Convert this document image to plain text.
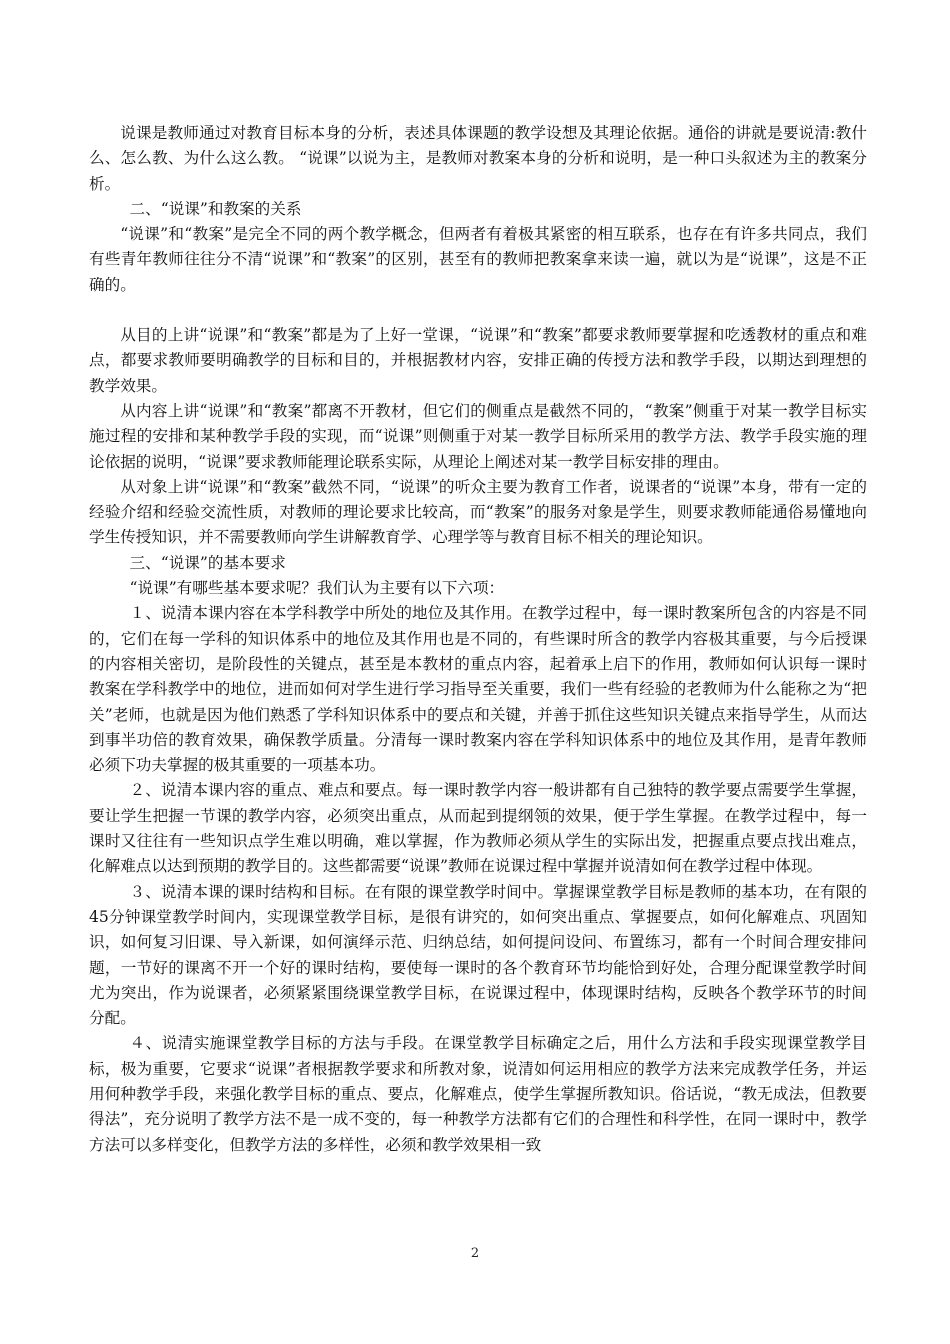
说课是教师通过对教育目标本身的分析，表述具体课题的教学设想及其理论依据。通俗的讲就是要说清:教什么、怎么教、为什么这么教。 “说课”以说为主，是教师对教案本身的分析和说明，是一种口头叙述为主的教案分析。

二、“说课”和教案的关系

“说课”和“教案”是完全不同的两个教学概念，但两者有着极其紧密的相互联系，也存在有许多共同点，我们有些青年教师往往分不清“说课”和“教案”的区别，甚至有的教师把教案拿来读一遍，就以为是“说课”，这是不正确的。

从目的上讲“说课”和“教案”都是为了上好一堂课，“说课”和“教案”都要求教师要掌握和吃透教材的重点和难点，都要求教师要明确教学的目标和目的，并根据教材内容，安排正确的传授方法和教学手段，以期达到理想的教学效果。

从内容上讲“说课”和“教案”都离不开教材，但它们的侧重点是截然不同的，“教案”侧重于对某一教学目标实施过程的安排和某种教学手段的实现，而“说课”则侧重于对某一教学目标所采用的教学方法、教学手段实施的理论依据的说明，“说课”要求教师能理论联系实际，从理论上阐述对某一教学目标安排的理由。

从对象上讲“说课”和“教案”截然不同，“说课”的听众主要为教育工作者，说课者的“说课”本身，带有一定的经验介绍和经验交流性质，对教师的理论要求比较高，而“教案”的服务对象是学生，则要求教师能通俗易懂地向学生传授知识，并不需要教师向学生讲解教育学、心理学等与教育目标不相关的理论知识。

三、“说课”的基本要求

“说课”有哪些基本要求呢？我们认为主要有以下六项：

１、说清本课内容在本学科教学中所处的地位及其作用。在教学过程中，每一课时教案所包含的内容是不同的，它们在每一学科的知识体系中的地位及其作用也是不同的，有些课时所含的教学内容极其重要，与今后授课的内容相关密切，是阶段性的关键点，甚至是本教材的重点内容，起着承上启下的作用，教师如何认识每一课时教案在学科教学中的地位，进而如何对学生进行学习指导至关重要，我们一些有经验的老教师为什么能称之为“把关”老师，也就是因为他们熟悉了学科知识体系中的要点和关键，并善于抓住这些知识关键点来指导学生，从而达到事半功倍的教育效果，确保教学质量。分清每一课时教案内容在学科知识体系中的地位及其作用，是青年教师必须下功夫掌握的极其重要的一项基本功。

２、说清本课内容的重点、难点和要点。每一课时教学内容一般讲都有自己独特的教学要点需要学生掌握，要让学生把握一节课的教学内容，必须突出重点，从而起到提纲领的效果，便于学生掌握。在教学过程中，每一课时又往往有一些知识点学生难以明确，难以掌握，作为教师必须从学生的实际出发，把握重点要点找出难点，化解难点以达到预期的教学目的。这些都需要“说课”教师在说课过程中掌握并说清如何在教学过程中体现。

３、说清本课的课时结构和目标。在有限的课堂教学时间中。掌握课堂教学目标是教师的基本功，在有限的45分钟课堂教学时间内，实现课堂教学目标，是很有讲究的，如何突出重点、掌握要点，如何化解难点、巩固知识，如何复习旧课、导入新课，如何演绎示范、归纳总结，如何提问设问、布置练习，都有一个时间合理安排问题，一节好的课离不开一个好的课时结构，要使每一课时的各个教育环节均能恰到好处，合理分配课堂教学时间尤为突出，作为说课者，必须紧紧围绕课堂教学目标，在说课过程中，体现课时结构，反映各个教学环节的时间分配。

４、说清实施课堂教学目标的方法与手段。在课堂教学目标确定之后，用什么方法和手段实现课堂教学目标，极为重要，它要求“说课”者根据教学要求和所教对象，说清如何运用相应的教学方法来完成教学任务，并运用何种教学手段，来强化教学目标的重点、要点，化解难点，使学生掌握所教知识。俗话说，“教无成法，但教要得法”，充分说明了教学方法不是一成不变的，每一种教学方法都有它们的合理性和科学性，在同一课时中，教学方法可以多样变化，但教学方法的多样性，必须和教学效果相一致

2
